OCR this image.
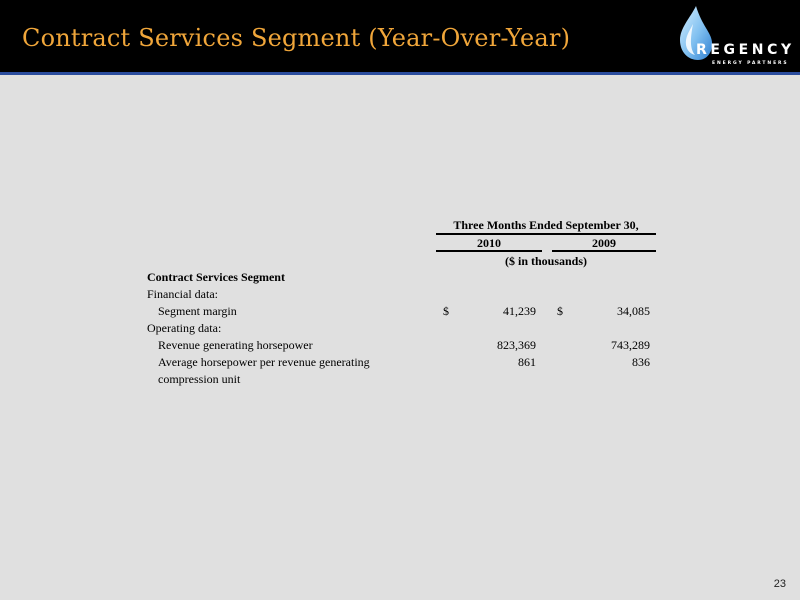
Contract Services Segment (Year-Over-Year)	REGENCY
ENERGY PARTNERS
Three Months Ended September 30,
2010	2009
($ in thousands)
Contract Services Segment
Financial data:
Segment margin	$	41,239 $	34,085
Operating data:
Revenue generating horsepower	823,369	743,289
Average horsepower per revenue generating	861	836
compression unit
23
